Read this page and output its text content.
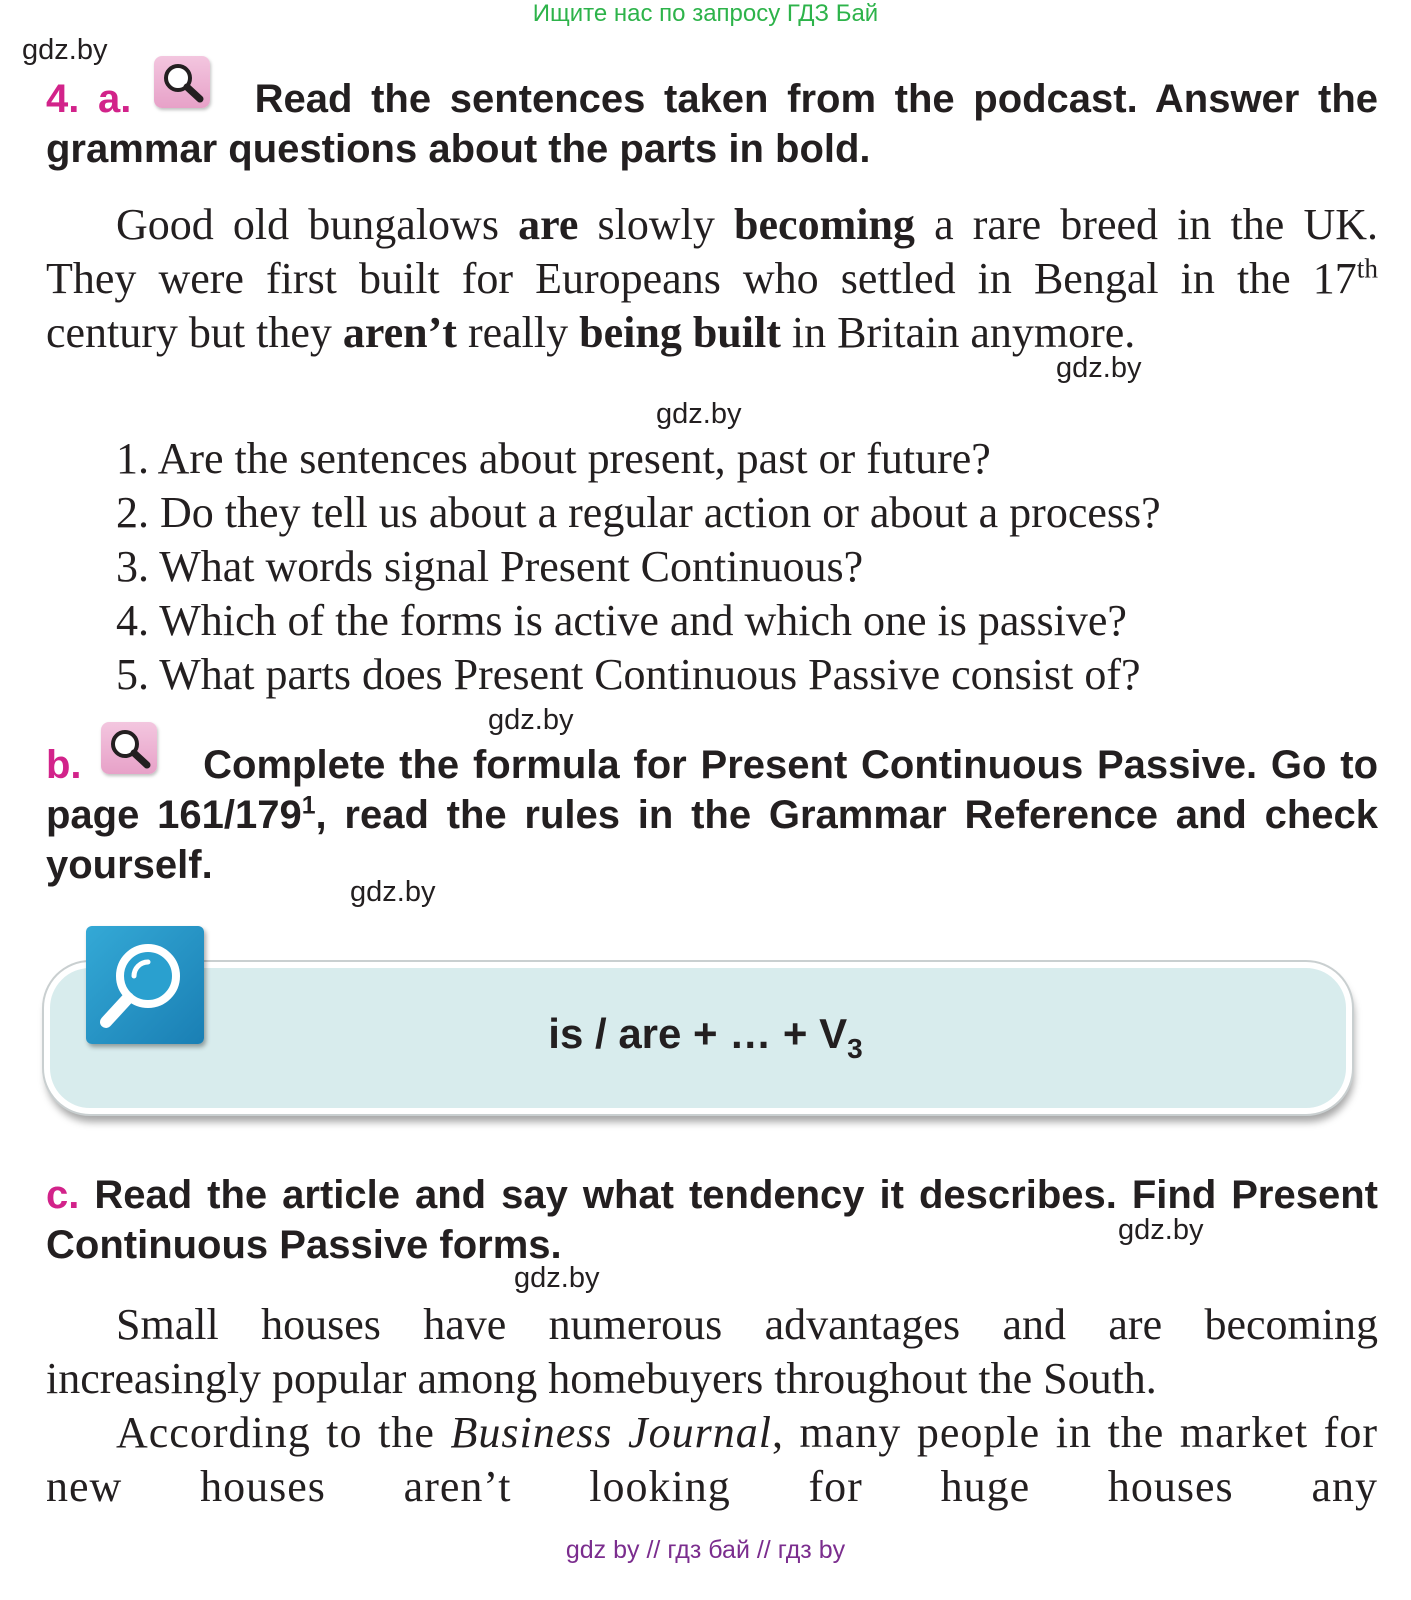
Ищите нас по запросу ГДЗ Бай
gdz.by
gdz.by
gdz.by
gdz.by
gdz.by
gdz.by
gdz.by
4. a.	Read the sentences taken from the podcast. Answer the grammar questions about the parts in bold.
Good old bungalows are slowly becoming a rare breed in the UK. They were first built for Europeans who settled in Bengal in the 17th century but they aren’t really being built in Britain anymore.
1. Are the sentences about present, past or future?
2. Do they tell us about a regular action or about a process?
3. What words signal Present Continuous?
4. Which of the forms is active and which one is passive?
5. What parts does Present Continuous Passive consist of?
b.	Complete the formula for Present Continuous Passive. Go to page $161/179^1$, read the rules in the Grammar Reference and check yourself.
is / are + … + $V_3$
c. Read the article and say what tendency it describes. Find Present Continuous Passive forms.
Small houses have numerous advantages and are becoming increasingly popular among homebuyers throughout the South.
According to the Business Journal, many people in the market for new houses aren’t looking for huge houses any
gdz by // гдз бай // гдз by
